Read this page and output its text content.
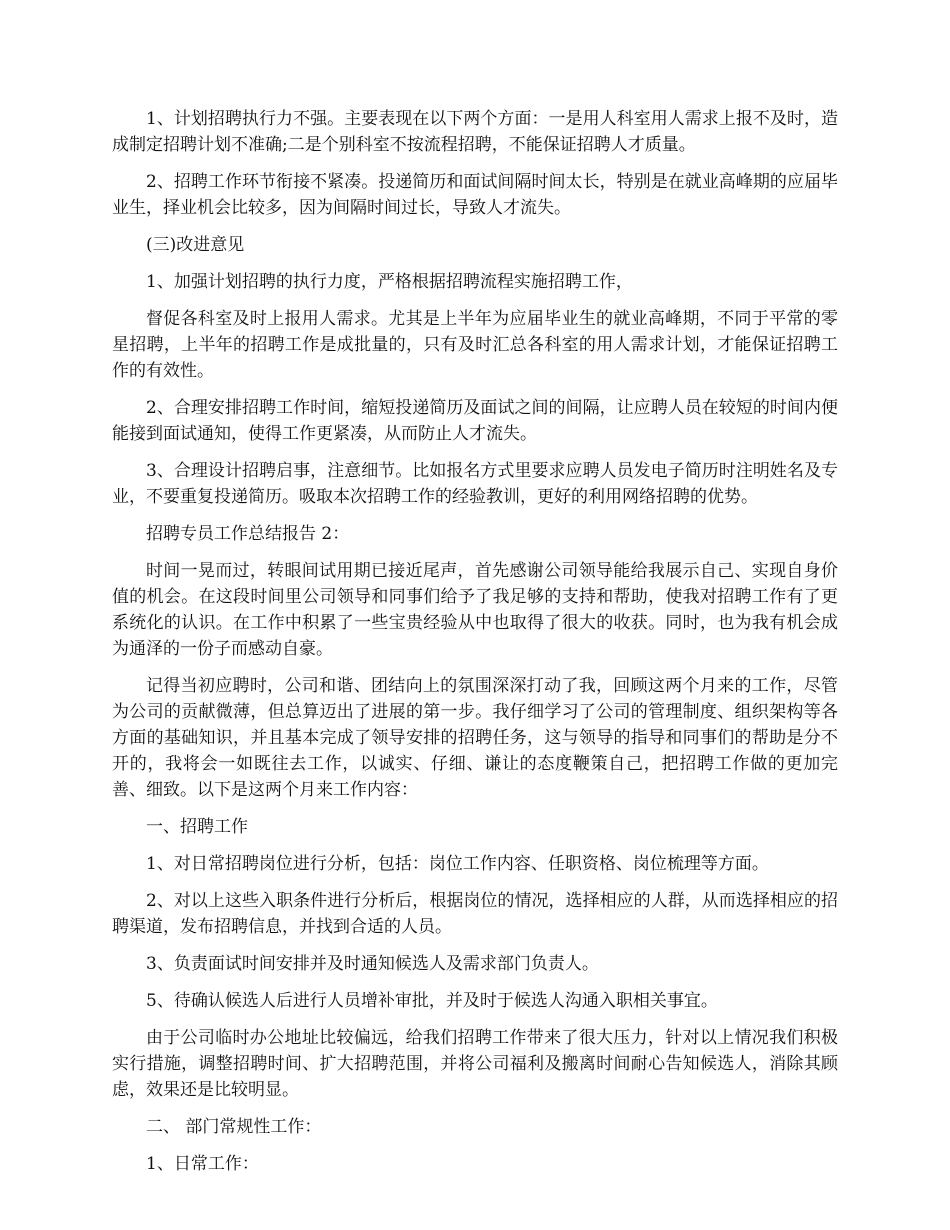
1、计划招聘执行力不强。主要表现在以下两个方面：一是用人科室用人需求上报不及时，造成制定招聘计划不准确;二是个别科室不按流程招聘，不能保证招聘人才质量。

2、招聘工作环节衔接不紧凑。投递简历和面试间隔时间太长，特别是在就业高峰期的应届毕业生，择业机会比较多，因为间隔时间过长，导致人才流失。

(三)改进意见

1、加强计划招聘的执行力度，严格根据招聘流程实施招聘工作，

督促各科室及时上报用人需求。尤其是上半年为应届毕业生的就业高峰期，不同于平常的零星招聘，上半年的招聘工作是成批量的，只有及时汇总各科室的用人需求计划，才能保证招聘工作的有效性。

2、合理安排招聘工作时间，缩短投递简历及面试之间的间隔，让应聘人员在较短的时间内便能接到面试通知，使得工作更紧凑，从而防止人才流失。

3、合理设计招聘启事，注意细节。比如报名方式里要求应聘人员发电子简历时注明姓名及专业，不要重复投递简历。吸取本次招聘工作的经验教训，更好的利用网络招聘的优势。

招聘专员工作总结报告 2：

时间一晃而过，转眼间试用期已接近尾声，首先感谢公司领导能给我展示自己、实现自身价值的机会。在这段时间里公司领导和同事们给予了我足够的支持和帮助，使我对招聘工作有了更系统化的认识。在工作中积累了一些宝贵经验从中也取得了很大的收获。同时，也为我有机会成为通泽的一份子而感动自豪。

记得当初应聘时，公司和谐、团结向上的氛围深深打动了我，回顾这两个月来的工作，尽管为公司的贡献微薄，但总算迈出了进展的第一步。我仔细学习了公司的管理制度、组织架构等各方面的基础知识，并且基本完成了领导安排的招聘任务，这与领导的指导和同事们的帮助是分不开的，我将会一如既往去工作，以诚实、仔细、谦让的态度鞭策自己，把招聘工作做的更加完善、细致。以下是这两个月来工作内容：

一、招聘工作

1、对日常招聘岗位进行分析，包括：岗位工作内容、任职资格、岗位梳理等方面。

2、对以上这些入职条件进行分析后，根据岗位的情况，选择相应的人群，从而选择相应的招聘渠道，发布招聘信息，并找到合适的人员。

3、负责面试时间安排并及时通知候选人及需求部门负责人。

5、待确认候选人后进行人员增补审批，并及时于候选人沟通入职相关事宜。

由于公司临时办公地址比较偏远，给我们招聘工作带来了很大压力，针对以上情况我们积极实行措施，调整招聘时间、扩大招聘范围，并将公司福利及搬离时间耐心告知候选人，消除其顾虑，效果还是比较明显。

二、 部门常规性工作：

1、日常工作：
